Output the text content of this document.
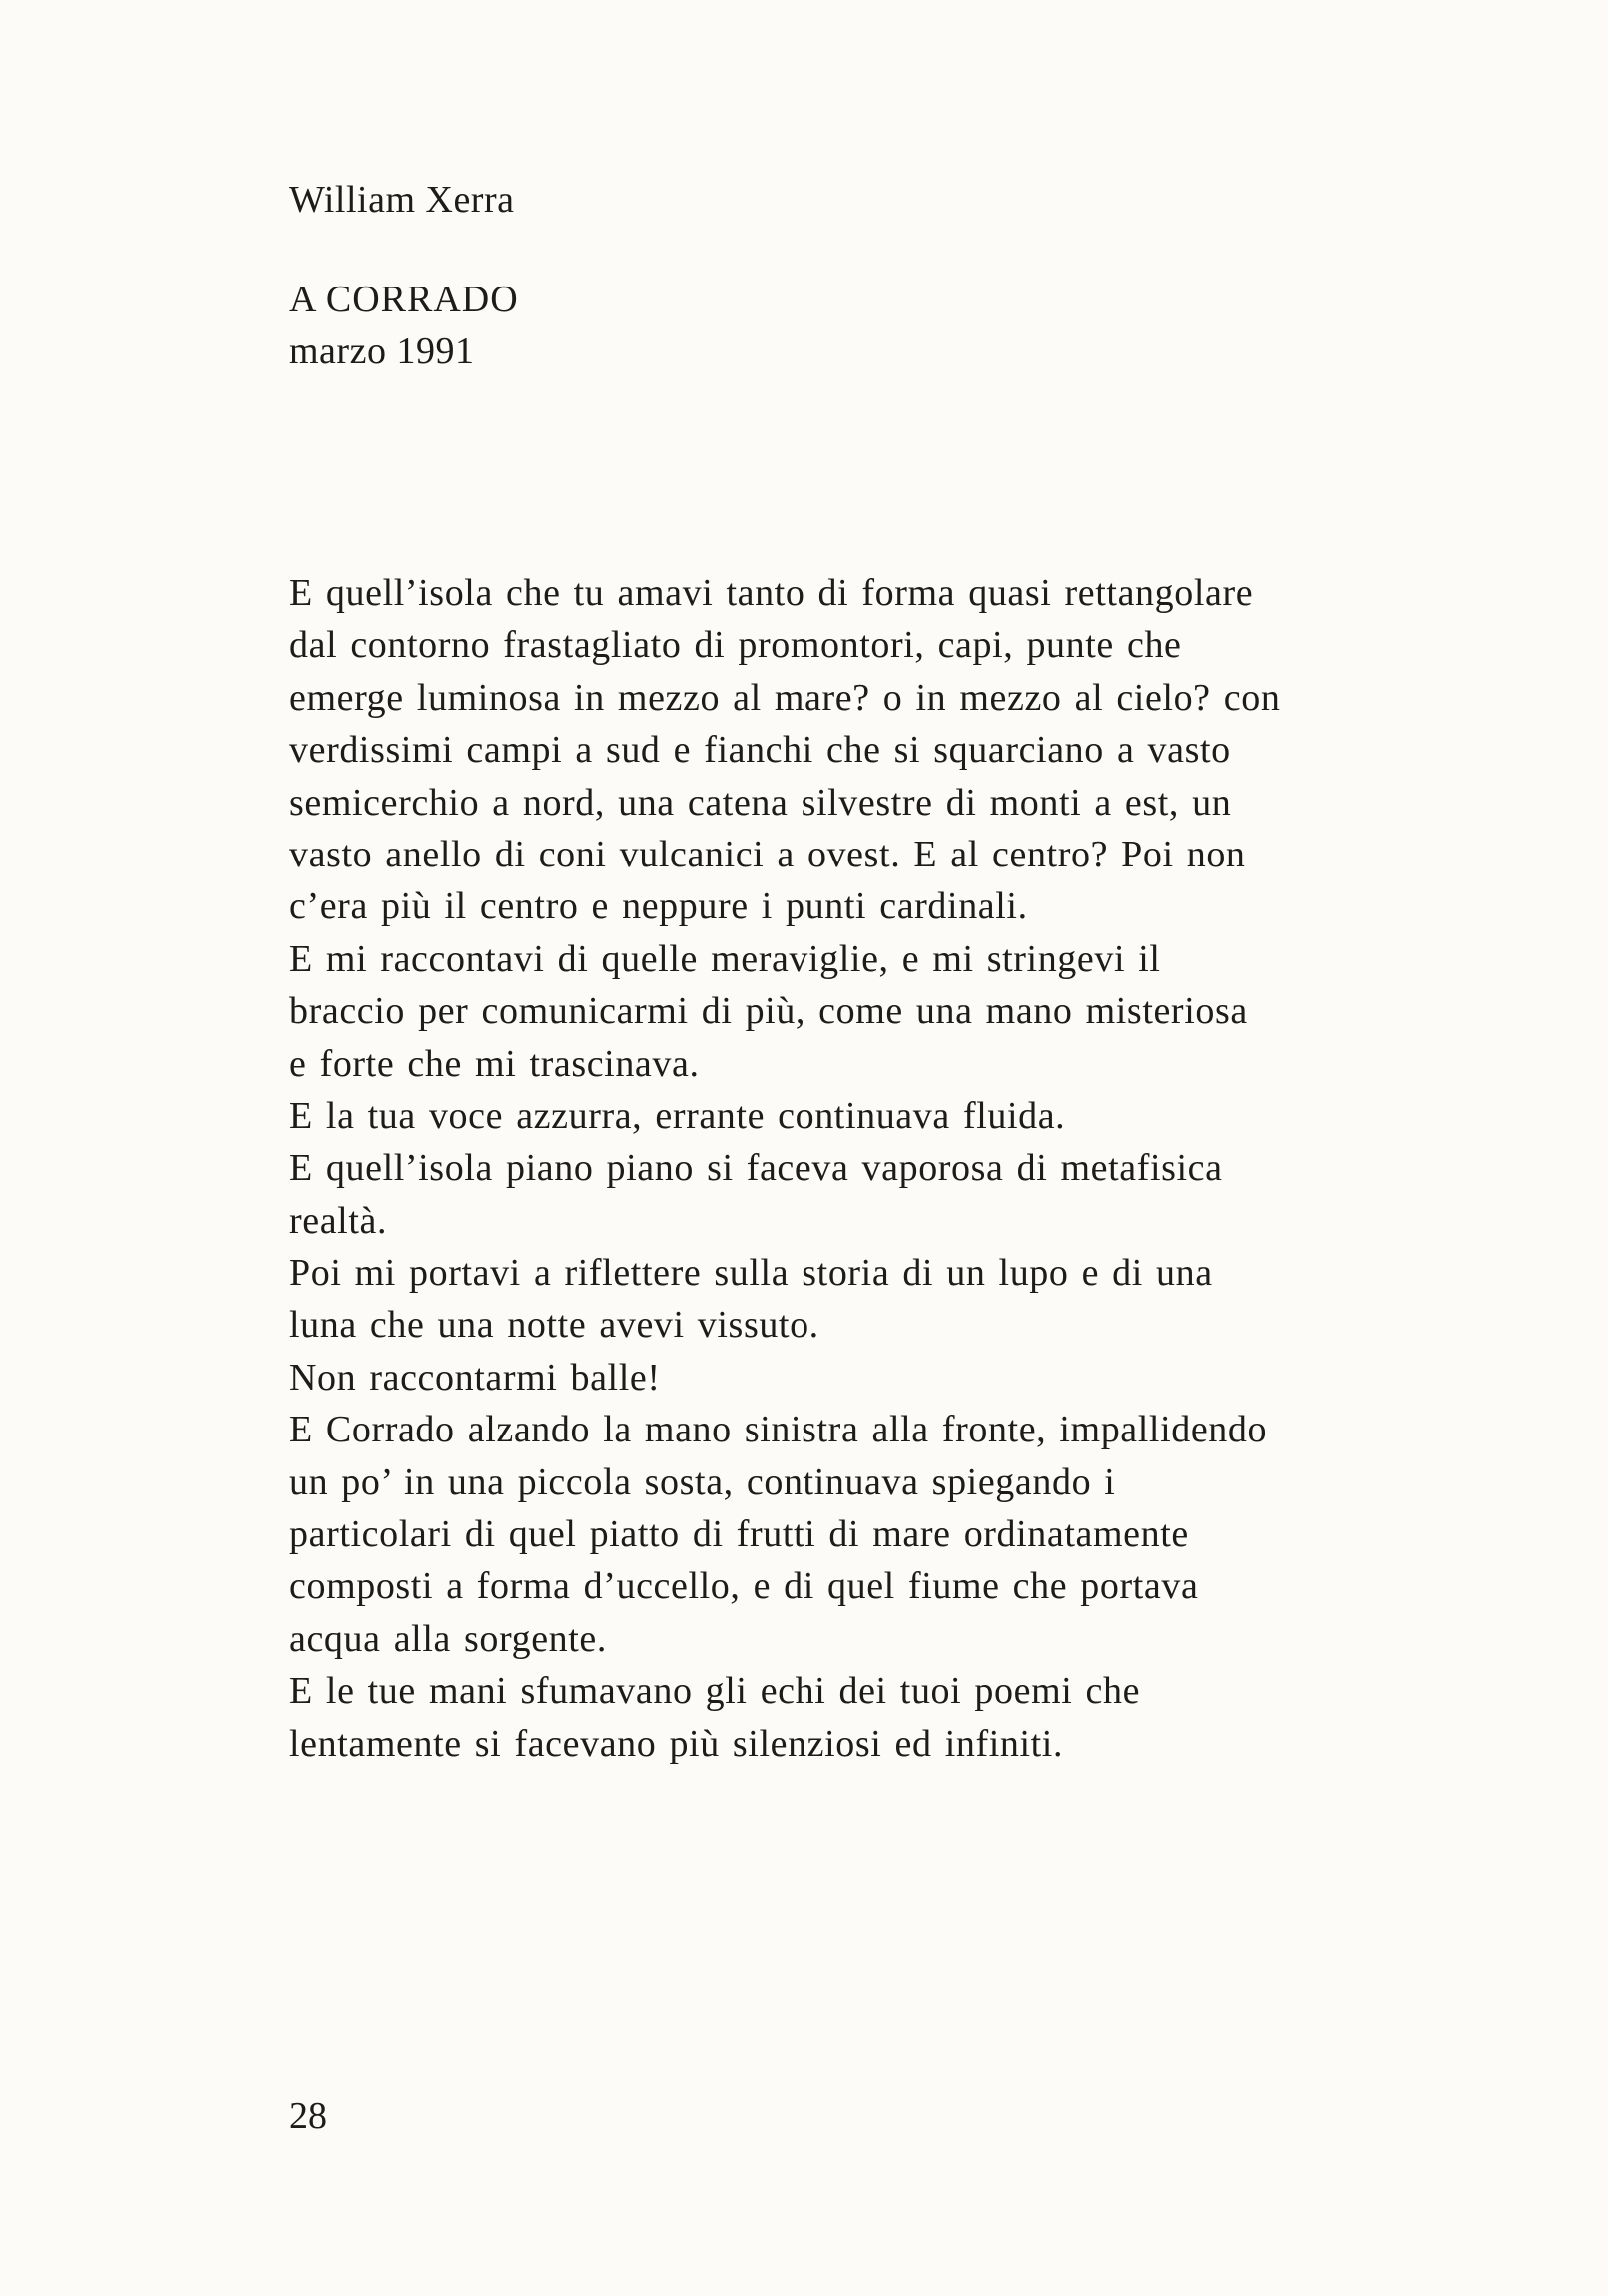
William Xerra
A CORRADO
marzo 1991
E quell’isola che tu amavi tanto di forma quasi rettangolare
dal contorno frastagliato di promontori, capi, punte che
emerge luminosa in mezzo al mare? o in mezzo al cielo? con
verdissimi campi a sud e fianchi che si squarciano a vasto
semicerchio a nord, una catena silvestre di monti a est, un
vasto anello di coni vulcanici a ovest. E al centro? Poi non
c’era più il centro e neppure i punti cardinali.
E mi raccontavi di quelle meraviglie, e mi stringevi il
braccio per comunicarmi di più, come una mano misteriosa
e forte che mi trascinava.
E la tua voce azzurra, errante continuava fluida.
E quell’isola piano piano si faceva vaporosa di metafisica
realtà.
Poi mi portavi a riflettere sulla storia di un lupo e di una
luna che una notte avevi vissuto.
Non raccontarmi balle!
E Corrado alzando la mano sinistra alla fronte, impallidendo
un po’ in una piccola sosta, continuava spiegando i
particolari di quel piatto di frutti di mare ordinatamente
composti a forma d’uccello, e di quel fiume che portava
acqua alla sorgente.
E le tue mani sfumavano gli echi dei tuoi poemi che
lentamente si facevano più silenziosi ed infiniti.
28
